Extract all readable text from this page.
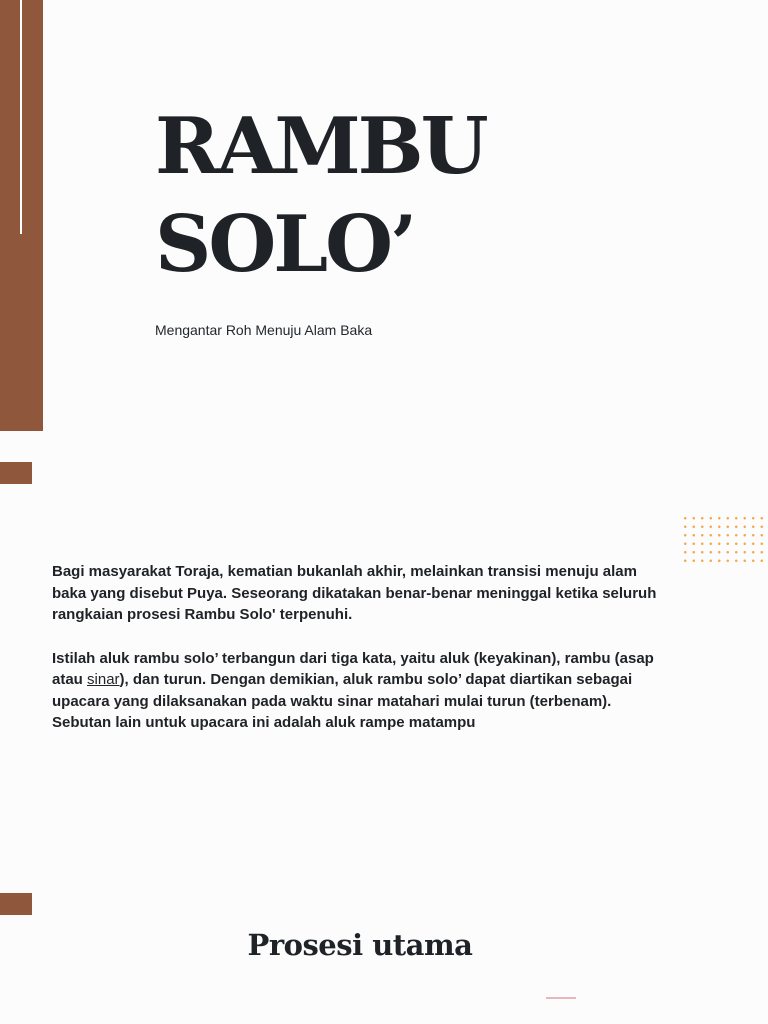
RAMBU
SOLO’
Mengantar Roh Menuju Alam Baka

Bagi masyarakat Toraja, kematian bukanlah akhir, melainkan transisi menuju alam baka yang disebut Puya. Seseorang dikatakan benar-benar meninggal ketika seluruh rangkaian prosesi Rambu Solo' terpenuhi.

Istilah aluk rambu solo’ terbangun dari tiga kata, yaitu aluk (keyakinan), rambu (asap atau sinar), dan turun. Dengan demikian, aluk rambu solo’ dapat diartikan sebagai upacara yang dilaksanakan pada waktu sinar matahari mulai turun (terbenam). Sebutan lain untuk upacara ini adalah aluk rampe matampu

Prosesi utama
